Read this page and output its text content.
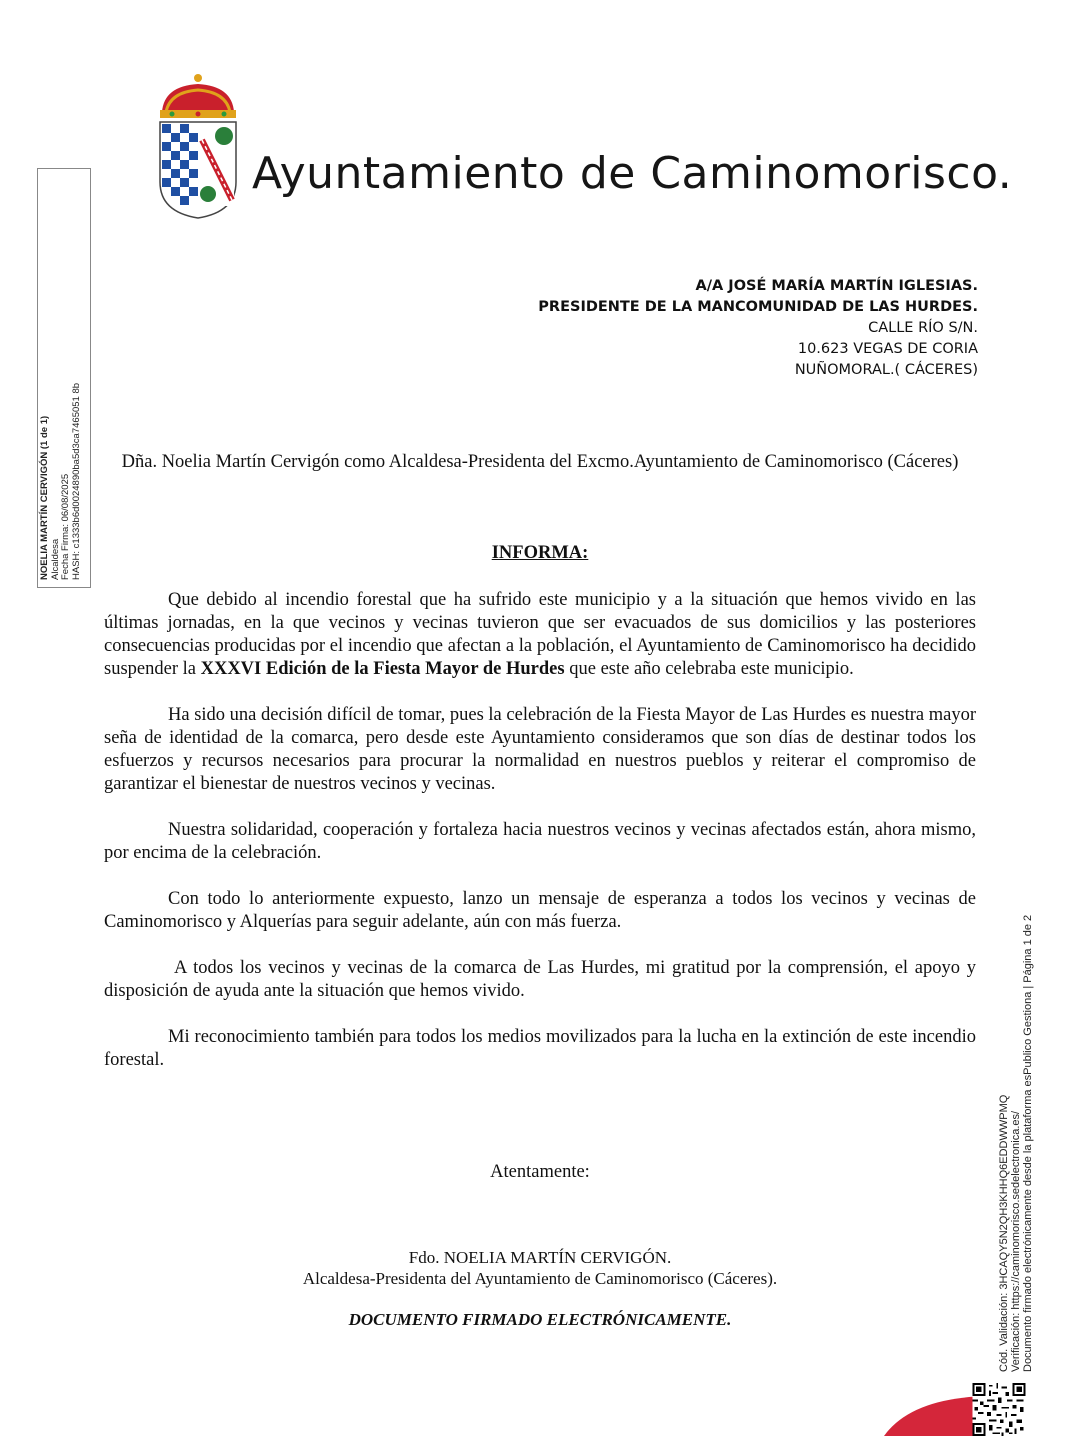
Ayuntamiento de Caminomorisco.
A/A JOSÉ MARÍA MARTÍN IGLESIAS.
PRESIDENTE DE LA MANCOMUNIDAD DE LAS HURDES.
CALLE RÍO S/N.
10.623 VEGAS DE CORIA
NUÑOMORAL.( CÁCERES)
NOELIA MARTÍN CERVIGÓN (1 de 1) Alcaldesa Fecha Firma: 06/08/2025 HASH: c1333b6d0024890ba5d3ca7465051 8b
Cód. Validación: 3HCAQY5N2QH3KHHQ6EDDWWPMQ Verificación: https://caminomorisco.sedelectronica.es/ Documento firmado electrónicamente desde la plataforma esPublico Gestiona | Página 1 de 2
Dña. Noelia Martín Cervigón como Alcaldesa-Presidenta del Excmo.Ayuntamiento de Caminomorisco (Cáceres)
INFORMA:

Que debido al incendio forestal que ha sufrido este municipio y a la situación que hemos vivido en las últimas jornadas, en la que vecinos y vecinas tuvieron que ser evacuados de sus domicilios y las posteriores consecuencias producidas por el incendio que afectan a la población, el Ayuntamiento de Caminomorisco ha decidido suspender la XXXVI Edición de la Fiesta Mayor de Hurdes que este año celebraba este municipio.

Ha sido una decisión difícil de tomar, pues la celebración de la Fiesta Mayor de Las Hurdes es nuestra mayor seña de identidad de la comarca, pero desde este Ayuntamiento consideramos que son días de destinar todos los esfuerzos y recursos necesarios para procurar la normalidad en nuestros pueblos y reiterar el compromiso de garantizar el bienestar de nuestros vecinos y vecinas.

Nuestra solidaridad, cooperación y fortaleza hacia nuestros vecinos y vecinas afectados están, ahora mismo, por encima de la celebración.

Con todo lo anteriormente expuesto, lanzo un mensaje de esperanza a todos los vecinos y vecinas de Caminomorisco y Alquerías para seguir adelante, aún con más fuerza.

A todos los vecinos y vecinas de la comarca de Las Hurdes, mi gratitud por la comprensión, el apoyo y disposición de ayuda ante la situación que hemos vivido.

Mi reconocimiento también para todos los medios movilizados para la lucha en la extinción de este incendio forestal.

Atentamente:
Fdo. NOELIA MARTÍN CERVIGÓN.
Alcaldesa-Presidenta del Ayuntamiento de Caminomorisco (Cáceres).
DOCUMENTO FIRMADO ELECTRÓNICAMENTE.
